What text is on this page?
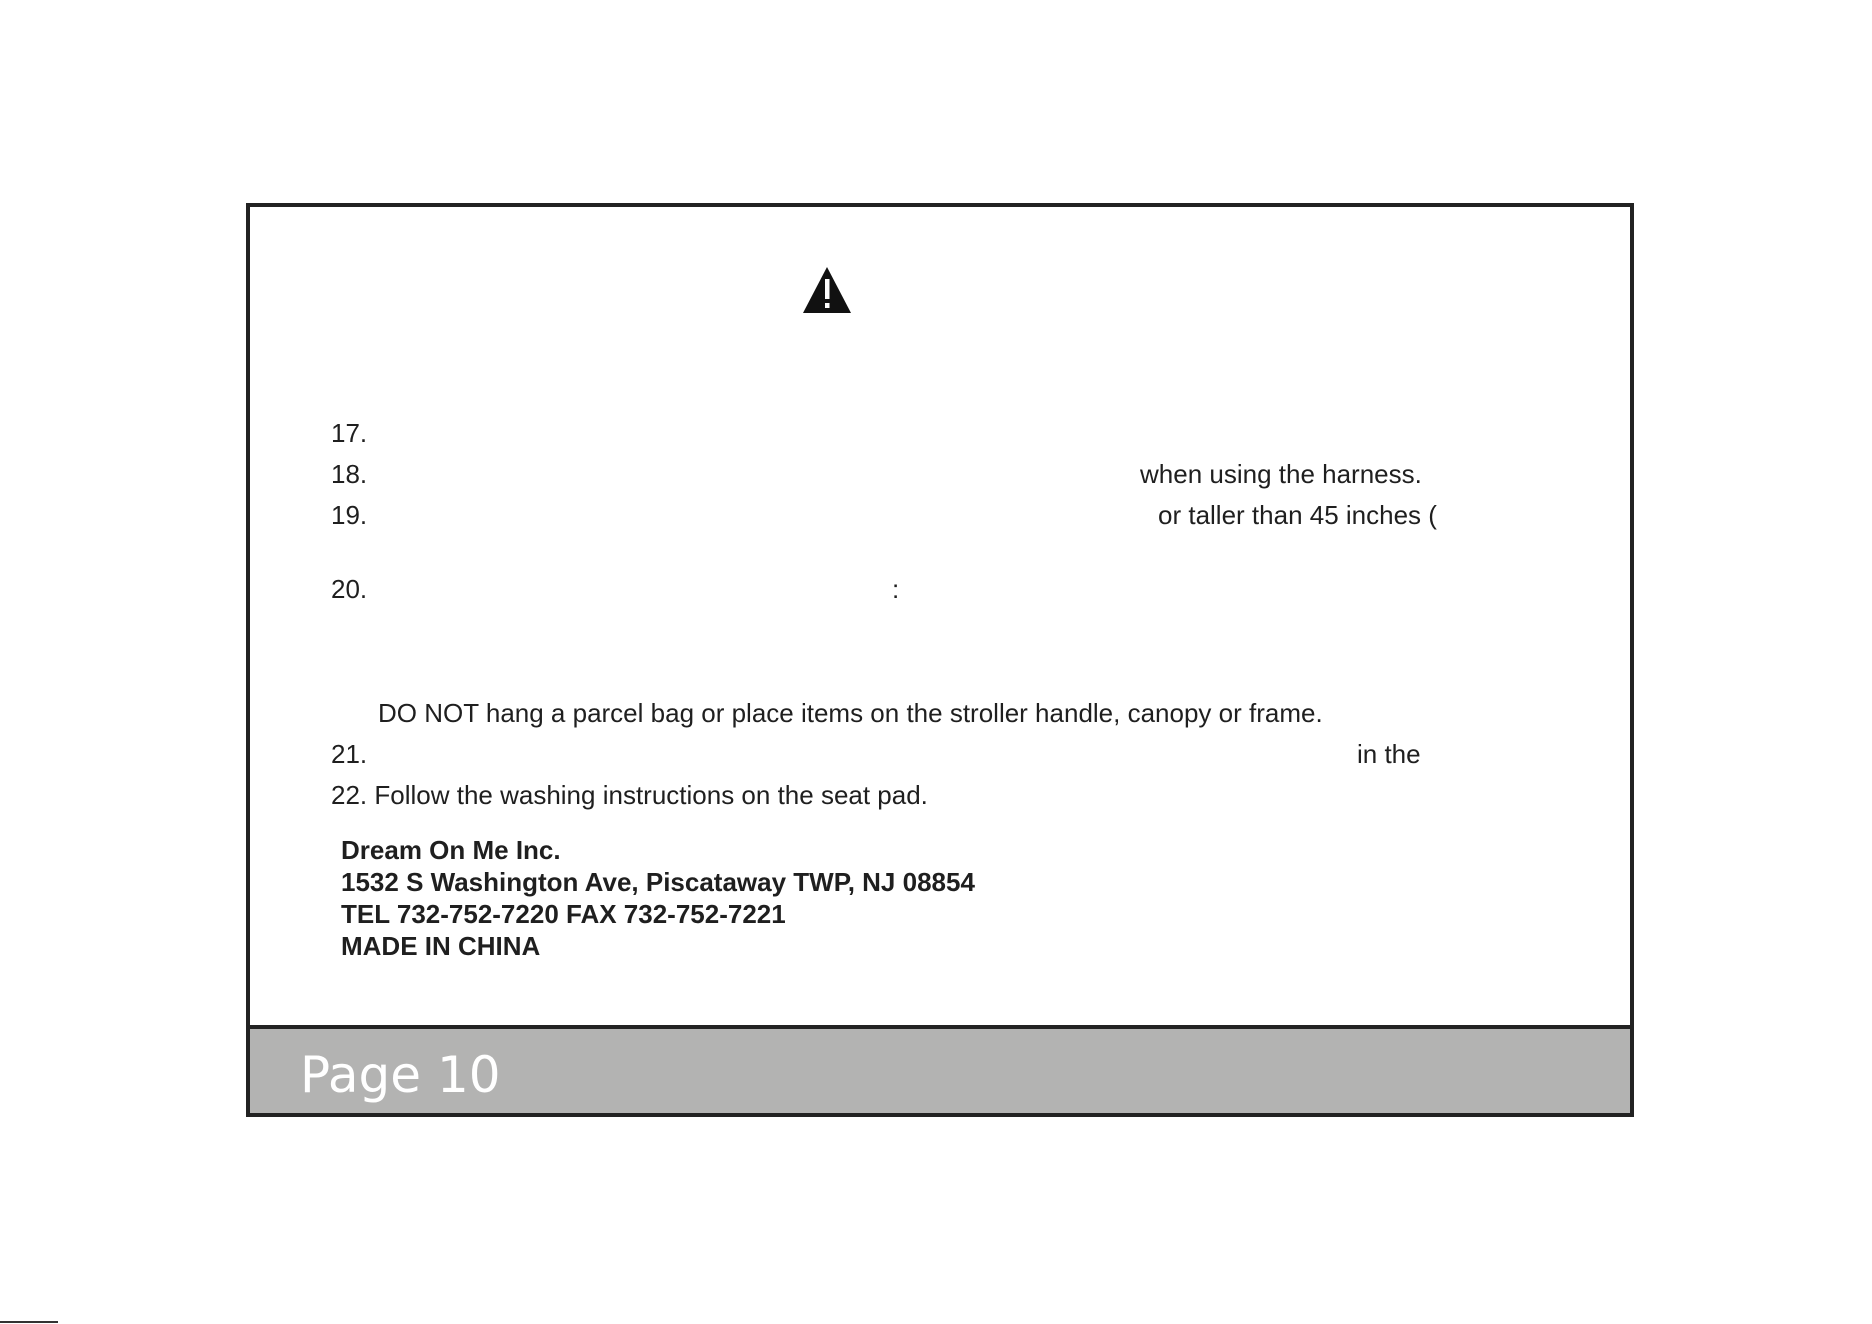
17.
18.	when using the harness.
19.	or taller than 45 inches (
20.	:
DO NOT hang a parcel bag or place items on the stroller handle, canopy or frame.
21.	in the
22. Follow the washing instructions on the seat pad.
Dream On Me Inc.
1532 S Washington Ave, Piscataway TWP, NJ 08854
TEL 732-752-7220 FAX 732-752-7221
MADE IN CHINA
Page 10
